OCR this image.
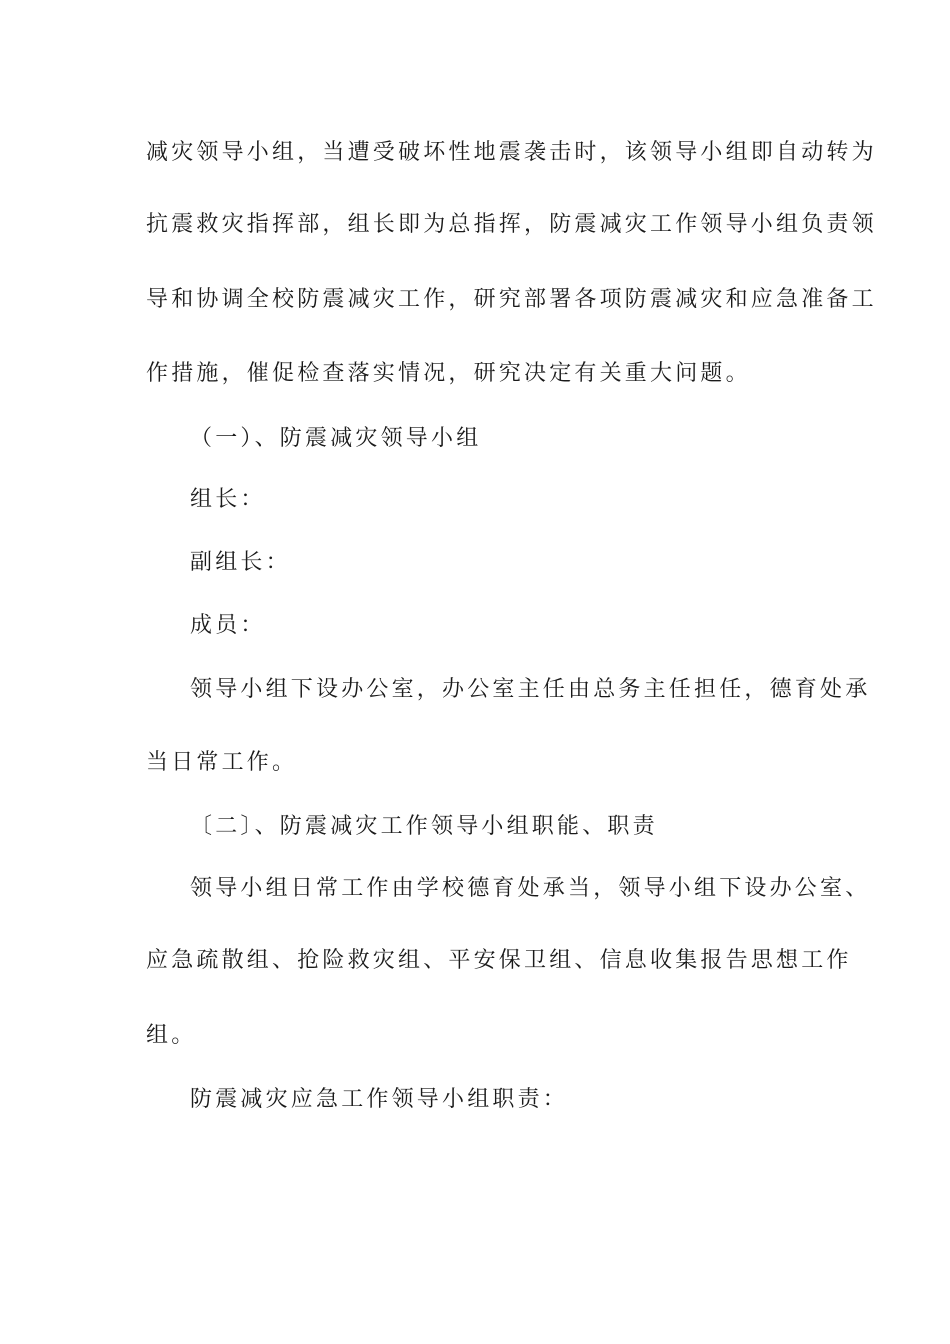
减灾领导小组，当遭受破坏性地震袭击时，该领导小组即自动转为
抗震救灾指挥部，组长即为总指挥，防震减灾工作领导小组负责领
导和协调全校防震减灾工作，研究部署各项防震减灾和应急准备工
作措施，催促检查落实情况，研究决定有关重大问题。
（一）、防震减灾领导小组
组长：
副组长：
成员：
领导小组下设办公室，办公室主任由总务主任担任，德育处承
当日常工作。
〔二〕、防震减灾工作领导小组职能、职责
领导小组日常工作由学校德育处承当，领导小组下设办公室、
应急疏散组、抢险救灾组、平安保卫组、信息收集报告思想工作
组。
防震减灾应急工作领导小组职责：
